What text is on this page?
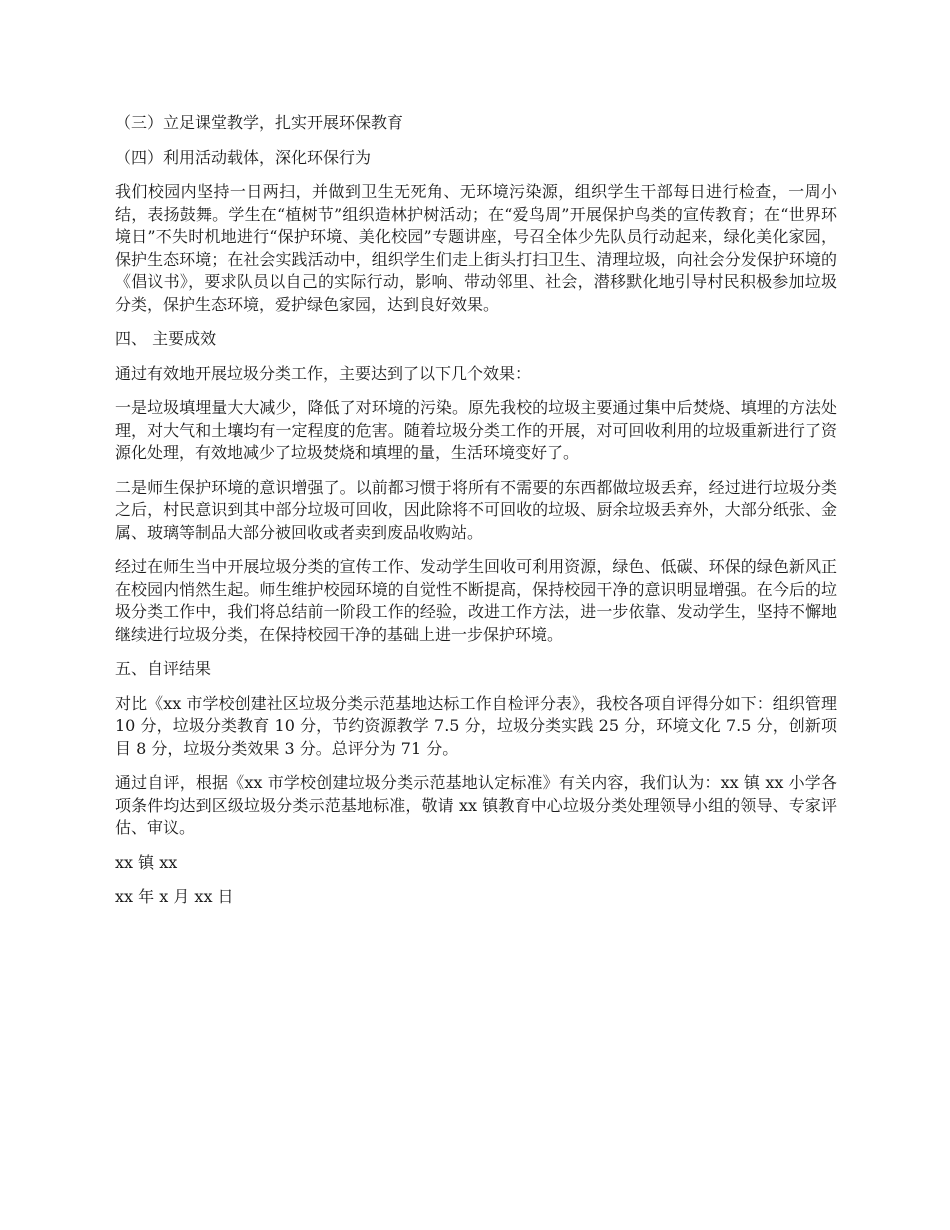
（三）立足课堂教学，扎实开展环保教育

（四）利用活动载体，深化环保行为

我们校园内坚持一日两扫，并做到卫生无死角、无环境污染源，组织学生干部每日进行检查，一周小结，表扬鼓舞。学生在“植树节”组织造林护树活动；在“爱鸟周”开展保护鸟类的宣传教育；在“世界环境日”不失时机地进行“保护环境、美化校园”专题讲座，号召全体少先队员行动起来，绿化美化家园，保护生态环境；在社会实践活动中，组织学生们走上街头打扫卫生、清理垃圾，向社会分发保护环境的《倡议书》，要求队员以自己的实际行动，影响、带动邻里、社会，潜移默化地引导村民积极参加垃圾分类，保护生态环境，爱护绿色家园，达到良好效果。

四、 主要成效

通过有效地开展垃圾分类工作，主要达到了以下几个效果：

一是垃圾填埋量大大减少，降低了对环境的污染。原先我校的垃圾主要通过集中后焚烧、填埋的方法处理，对大气和土壤均有一定程度的危害。随着垃圾分类工作的开展，对可回收利用的垃圾重新进行了资源化处理，有效地减少了垃圾焚烧和填埋的量，生活环境变好了。

二是师生保护环境的意识增强了。以前都习惯于将所有不需要的东西都做垃圾丢弃，经过进行垃圾分类之后，村民意识到其中部分垃圾可回收，因此除将不可回收的垃圾、厨余垃圾丢弃外，大部分纸张、金属、玻璃等制品大部分被回收或者卖到废品收购站。

经过在师生当中开展垃圾分类的宣传工作、发动学生回收可利用资源，绿色、低碳、环保的绿色新风正在校园内悄然生起。师生维护校园环境的自觉性不断提高，保持校园干净的意识明显增强。在今后的垃圾分类工作中，我们将总结前一阶段工作的经验，改进工作方法，进一步依靠、发动学生，坚持不懈地继续进行垃圾分类，在保持校园干净的基础上进一步保护环境。

五、自评结果

对比《xx 市学校创建社区垃圾分类示范基地达标工作自检评分表》，我校各项自评得分如下：组织管理 10 分，垃圾分类教育 10 分，节约资源教学 7.5 分，垃圾分类实践 25 分，环境文化 7.5 分，创新项目 8 分，垃圾分类效果 3 分。总评分为 71 分。

通过自评，根据《xx 市学校创建垃圾分类示范基地认定标准》有关内容，我们认为：xx 镇 xx 小学各项条件均达到区级垃圾分类示范基地标准，敬请 xx 镇教育中心垃圾分类处理领导小组的领导、专家评估、审议。

xx 镇 xx

xx 年 x 月 xx 日
